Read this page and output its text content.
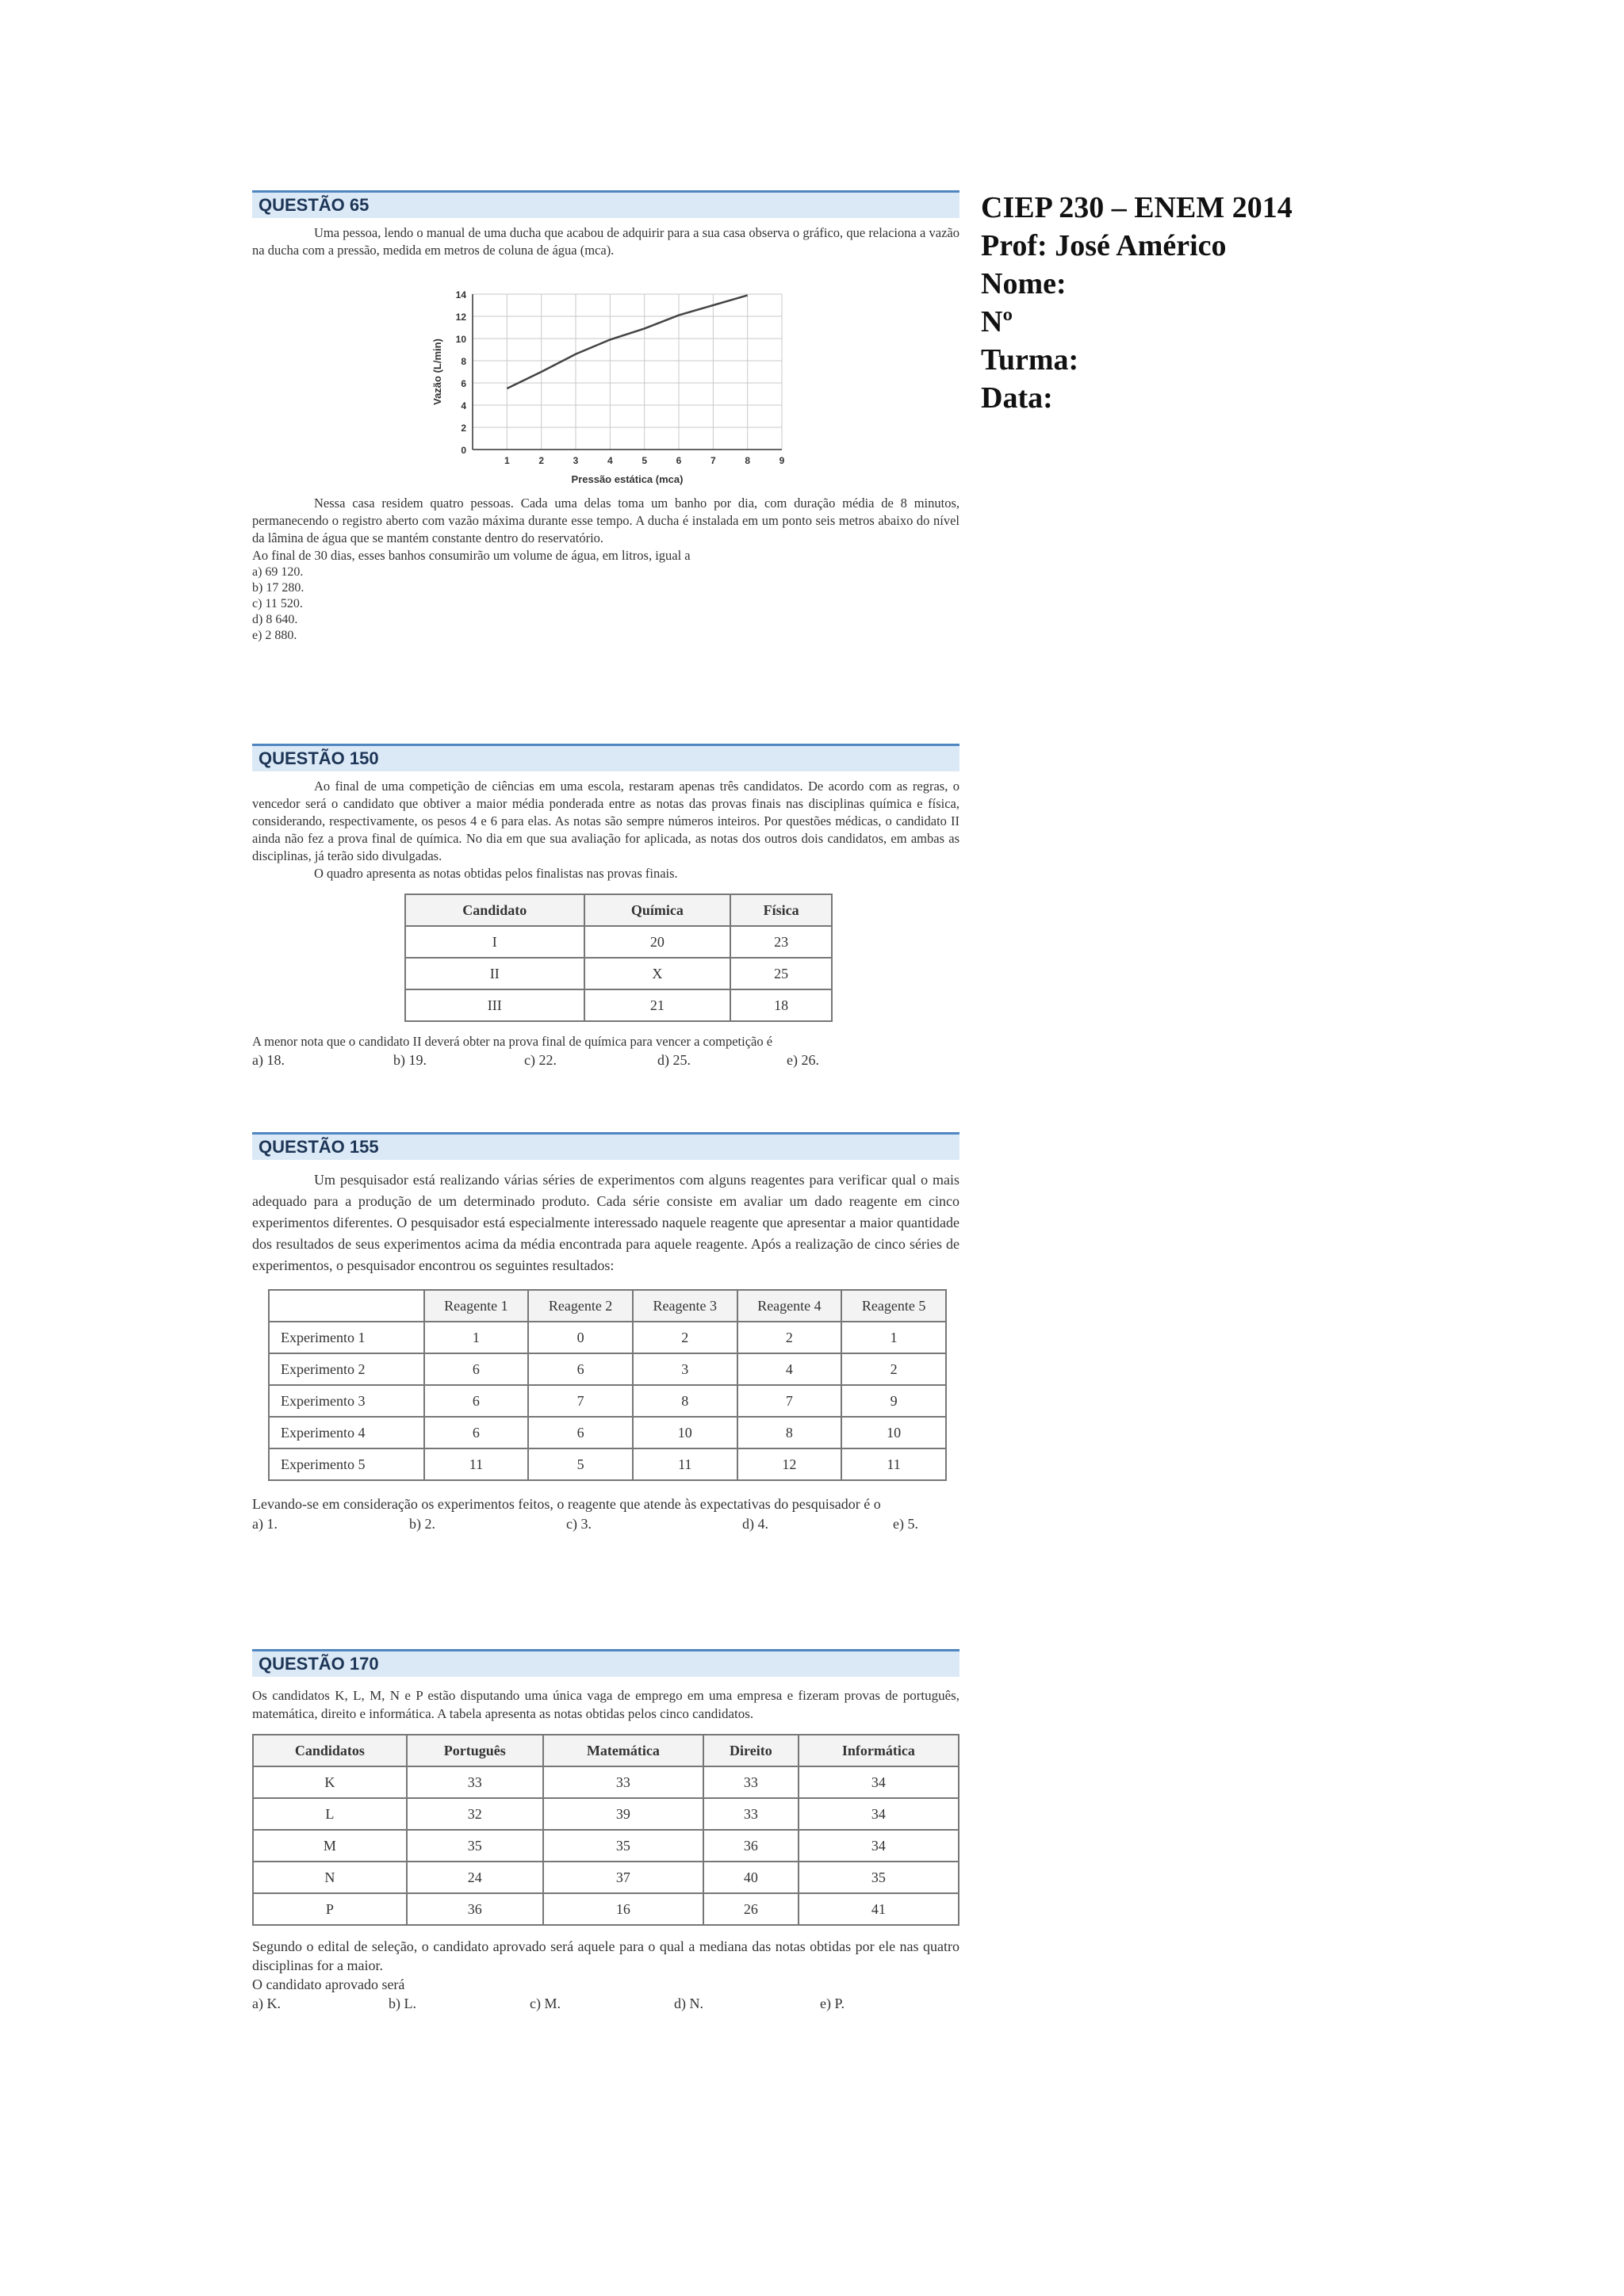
CIEP 230 – ENEM 2014
Prof: José Américo
Nome:
Nº
Turma:
Data:
QUESTÃO 65

Uma pessoa, lendo o manual de uma ducha que acabou de adquirir para a sua casa observa o gráfico, que relaciona a vazão na ducha com a pressão, medida em metros de coluna de água (mca).

0
2
4
6
8
10
12
14
1	2	3	4	5	6	7	8	9
Pressão estática (mca)
Vazão (L/min)

Nessa casa residem quatro pessoas. Cada uma delas toma um banho por dia, com duração média de 8 minutos, permanecendo o registro aberto com vazão máxima durante esse tempo. A ducha é instalada em um ponto seis metros abaixo do nível da lâmina de água que se mantém constante dentro do reservatório.

Ao final de 30 dias, esses banhos consumirão um volume de água, em litros, igual a

a) 69 120.
b) 17 280.
c) 11 520.
d) 8 640.
e) 2 880.
QUESTÃO 150

Ao final de uma competição de ciências em uma escola, restaram apenas três candidatos. De acordo com as regras, o vencedor será o candidato que obtiver a maior média ponderada entre as notas das provas finais nas disciplinas química e física, considerando, respectivamente, os pesos 4 e 6 para elas. As notas são sempre números inteiros. Por questões médicas, o candidato II ainda não fez a prova final de química. No dia em que sua avaliação for aplicada, as notas dos outros dois candidatos, em ambas as disciplinas, já terão sido divulgadas.

O quadro apresenta as notas obtidas pelos finalistas nas provas finais.

Candidato	Química	Física
I	20	23
II	X	25
III	21	18

A menor nota que o candidato II deverá obter na prova final de química para vencer a competição é

a) 18.	b) 19.	c) 22.	d) 25.	e) 26.
QUESTÃO 155

Um pesquisador está realizando várias séries de experimentos com alguns reagentes para verificar qual o mais adequado para a produção de um determinado produto. Cada série consiste em avaliar um dado reagente em cinco experimentos diferentes. O pesquisador está especialmente interessado naquele reagente que apresentar a maior quantidade dos resultados de seus experimentos acima da média encontrada para aquele reagente. Após a realização de cinco séries de experimentos, o pesquisador encontrou os seguintes resultados:

	Reagente 1	Reagente 2	Reagente 3	Reagente 4	Reagente 5
Experimento 1	1	0	2	2	1
Experimento 2	6	6	3	4	2
Experimento 3	6	7	8	7	9
Experimento 4	6	6	10	8	10
Experimento 5	11	5	11	12	11

Levando-se em consideração os experimentos feitos, o reagente que atende às expectativas do pesquisador é o

a) 1.	b) 2.	c) 3.	d) 4.	e) 5.
QUESTÃO 170

Os candidatos K, L, M, N e P estão disputando uma única vaga de emprego em uma empresa e fizeram provas de português, matemática, direito e informática. A tabela apresenta as notas obtidas pelos cinco candidatos.

Candidatos	Português	Matemática	Direito	Informática
K	33	33	33	34
L	32	39	33	34
M	35	35	36	34
N	24	37	40	35
P	36	16	26	41

Segundo o edital de seleção, o candidato aprovado será aquele para o qual a mediana das notas obtidas por ele nas quatro disciplinas for a maior.

O candidato aprovado será

a) K.	b) L.	c) M.	d) N.	e) P.
